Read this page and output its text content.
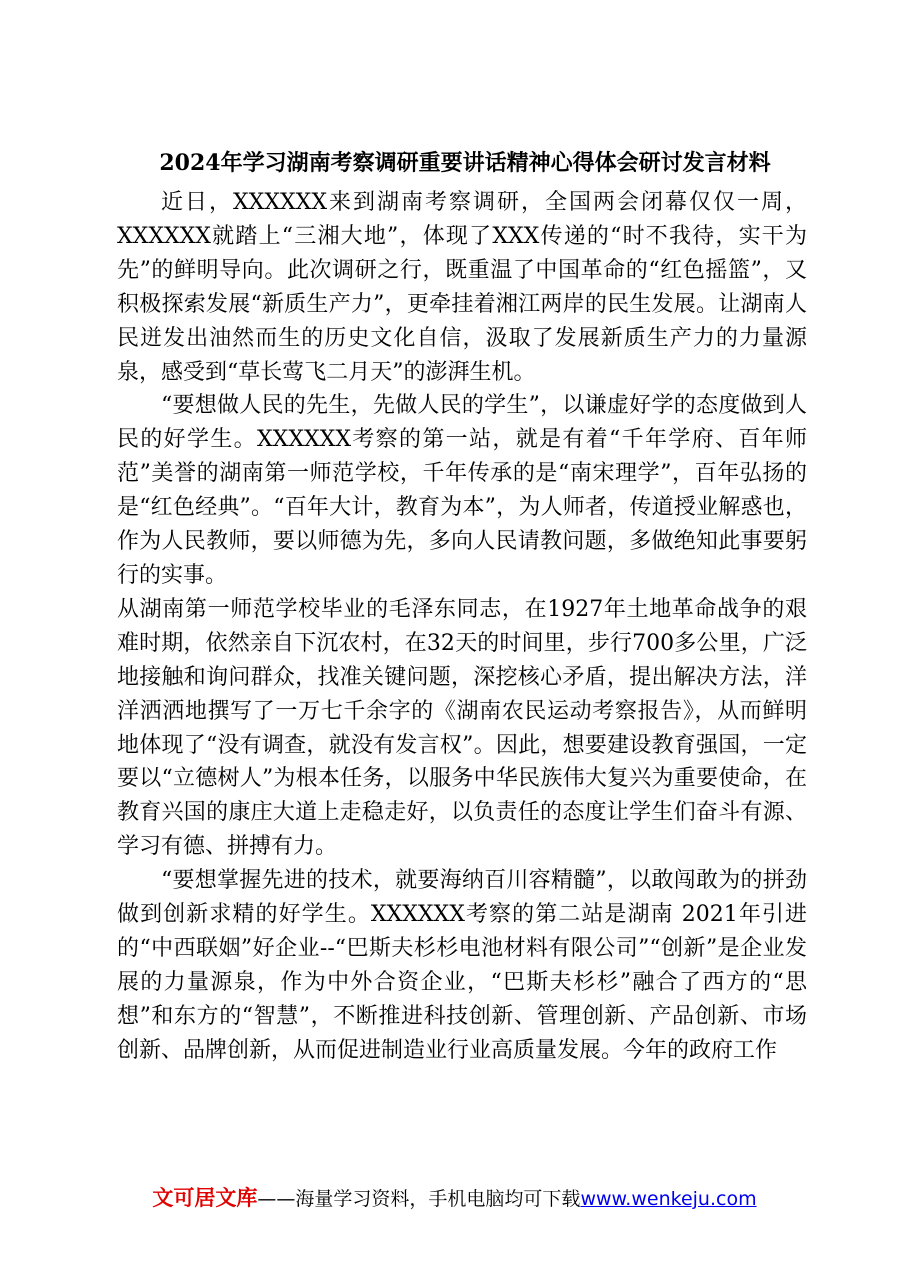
2024年学习湖南考察调研重要讲话精神心得体会研讨发言材料

近日，XXXXXX来到湖南考察调研，全国两会闭幕仅仅一周，XXXXXX就踏上“三湘大地”，体现了XXX传递的“时不我待，实干为先”的鲜明导向。此次调研之行，既重温了中国革命的“红色摇篮”，又积极探索发展“新质生产力”，更牵挂着湘江两岸的民生发展。让湖南人民迸发出油然而生的历史文化自信，汲取了发展新质生产力的力量源泉，感受到“草长莺飞二月天”的澎湃生机。

“要想做人民的先生，先做人民的学生”，以谦虚好学的态度做到人民的好学生。XXXXXX考察的第一站，就是有着“千年学府、百年师范”美誉的湖南第一师范学校，千年传承的是“南宋理学”，百年弘扬的是“红色经典”。“百年大计，教育为本”，为人师者，传道授业解惑也，作为人民教师，要以师德为先，多向人民请教问题，多做绝知此事要躬行的实事。

从湖南第一师范学校毕业的毛泽东同志，在1927年土地革命战争的艰难时期，依然亲自下沉农村，在32天的时间里，步行700多公里，广泛地接触和询问群众，找准关键问题，深挖核心矛盾，提出解决方法，洋洋洒洒地撰写了一万七千余字的《湖南农民运动考察报告》，从而鲜明地体现了“没有调查，就没有发言权”。因此，想要建设教育强国，一定要以“立德树人”为根本任务，以服务中华民族伟大复兴为重要使命，在教育兴国的康庄大道上走稳走好，以负责任的态度让学生们奋斗有源、学习有德、拼搏有力。

“要想掌握先进的技术，就要海纳百川容精髓”，以敢闯敢为的拼劲做到创新求精的好学生。XXXXXX考察的第二站是湖南 2021年引进的“中西联姻”好企业--“巴斯夫杉杉电池材料有限公司”“创新”是企业发展的力量源泉，作为中外合资企业，“巴斯夫杉杉”融合了西方的“思想”和东方的“智慧”，不断推进科技创新、管理创新、产品创新、市场创新、品牌创新，从而促进制造业行业高质量发展。今年的政府工作

文可居文库——海量学习资料，手机电脑均可下载www.wenkeju.com
